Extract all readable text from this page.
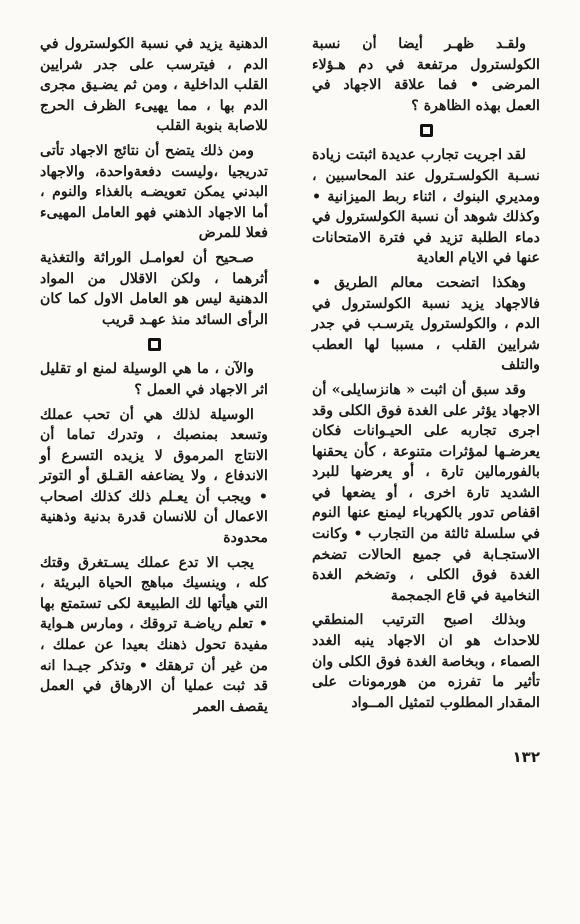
ولقـد ظهـر أيضا أن نسبة الكولسترول مرتفعة في دم هـؤلاء المرضى • فما علاقة الاجهاد في العمل بهذه الظاهرة ؟

لقد اجريت تجارب عديدة اثبتت زيادة نسـبة الكولسـترول عند المحاسبين ، ومديري البنوك ، اثناء ربط الميزانية • وكذلك شوهد أن نسبة الكولسترول في دماء الطلبة تزيد في فترة الامتحانات عنها في الايام العادية

وهكذا اتضحت معالم الطريق • فالاجهاد يزيد نسبة الكولسترول في الدم ، والكولسترول يترسـب في جدر شرايين القلب ، مسببا لها العطب والتلف

وقد سبق أن اثبت « هانزسايلى» أن الاجهاد يؤثر على الغدة فوق الكلى وقد اجرى تجاربه على الحيـوانات فكان يعرضـها لمؤثرات متنوعة ، كأن يحقنها بالفورمالين تارة ، أو يعرضها للبرد الشديد تارة اخرى ، أو يضعها في اقفاص تدور بالكهرباء ليمنع عنها النوم في سلسلة ثالثة من التجارب • وكانت الاستجـابة في جميع الحالات تضخم الغدة فوق الكلى ، وتضخم الغدة النخامية في قاع الجمجمة

وبذلك اصبح الترتيب المنطقي للاحداث هو ان الاجهاد ينبه الغدد الصماء ، وبخاصة الغدة فوق الكلى وان تأثير ما تفرزه من هورمونات على المقدار المطلوب لتمثيل المــواد

الدهنية يزيد في نسبة الكولسترول في الدم ، فيترسب على جدر شرايين القلب الداخلية ، ومن ثم يضـيق مجرى الدم بها ، مما يهيىء الظرف الحرج للاصابة بنوبة القلب

ومن ذلك يتضح أن نتائج الاجهاد تأتى تدريجيا ،وليست دفعةواحدة، والاجهاد البدني يمكن تعويضـه بالغذاء والنوم ، أما الاجهاد الذهني فهو العامل المهيىء فعلا للمرض

صـحيح أن لعوامـل الوراثة والتغذية أثرهما ، ولكن الاقلال من المواد الدهنية ليس هو العامل الاول كما كان الرأى السائد منذ عهـد قريب

والآن ، ما هي الوسيلة لمنع او تقليل اثر الاجهاد في العمل ؟

الوسيلة لذلك هي أن تحب عملك وتسعد بمنصبك ، وتدرك تماما أن الانتاج المرموق لا يزيده التسرع أو الاندفاع ، ولا يضاعفه القـلق أو التوتر • ويجب أن يعـلم ذلك كذلك اصحاب الاعمال أن للانسان قدرة بدنية وذهنية محدودة

يجب الا تدع عملك يسـتغرق وقتك كله ، وينسيك مباهج الحياة البريئة ، التي هيأتها لك الطبيعة لكى تستمتع بها • تعلم رياضـة تروقك ، ومارس هـواية مفيدة تحول ذهنك بعيدا عن عملك ، من غير أن ترهقك • وتذكر جيـدا انه قد ثبت عمليا أن الارهاق في العمل يقصف العمر

١٣٢
